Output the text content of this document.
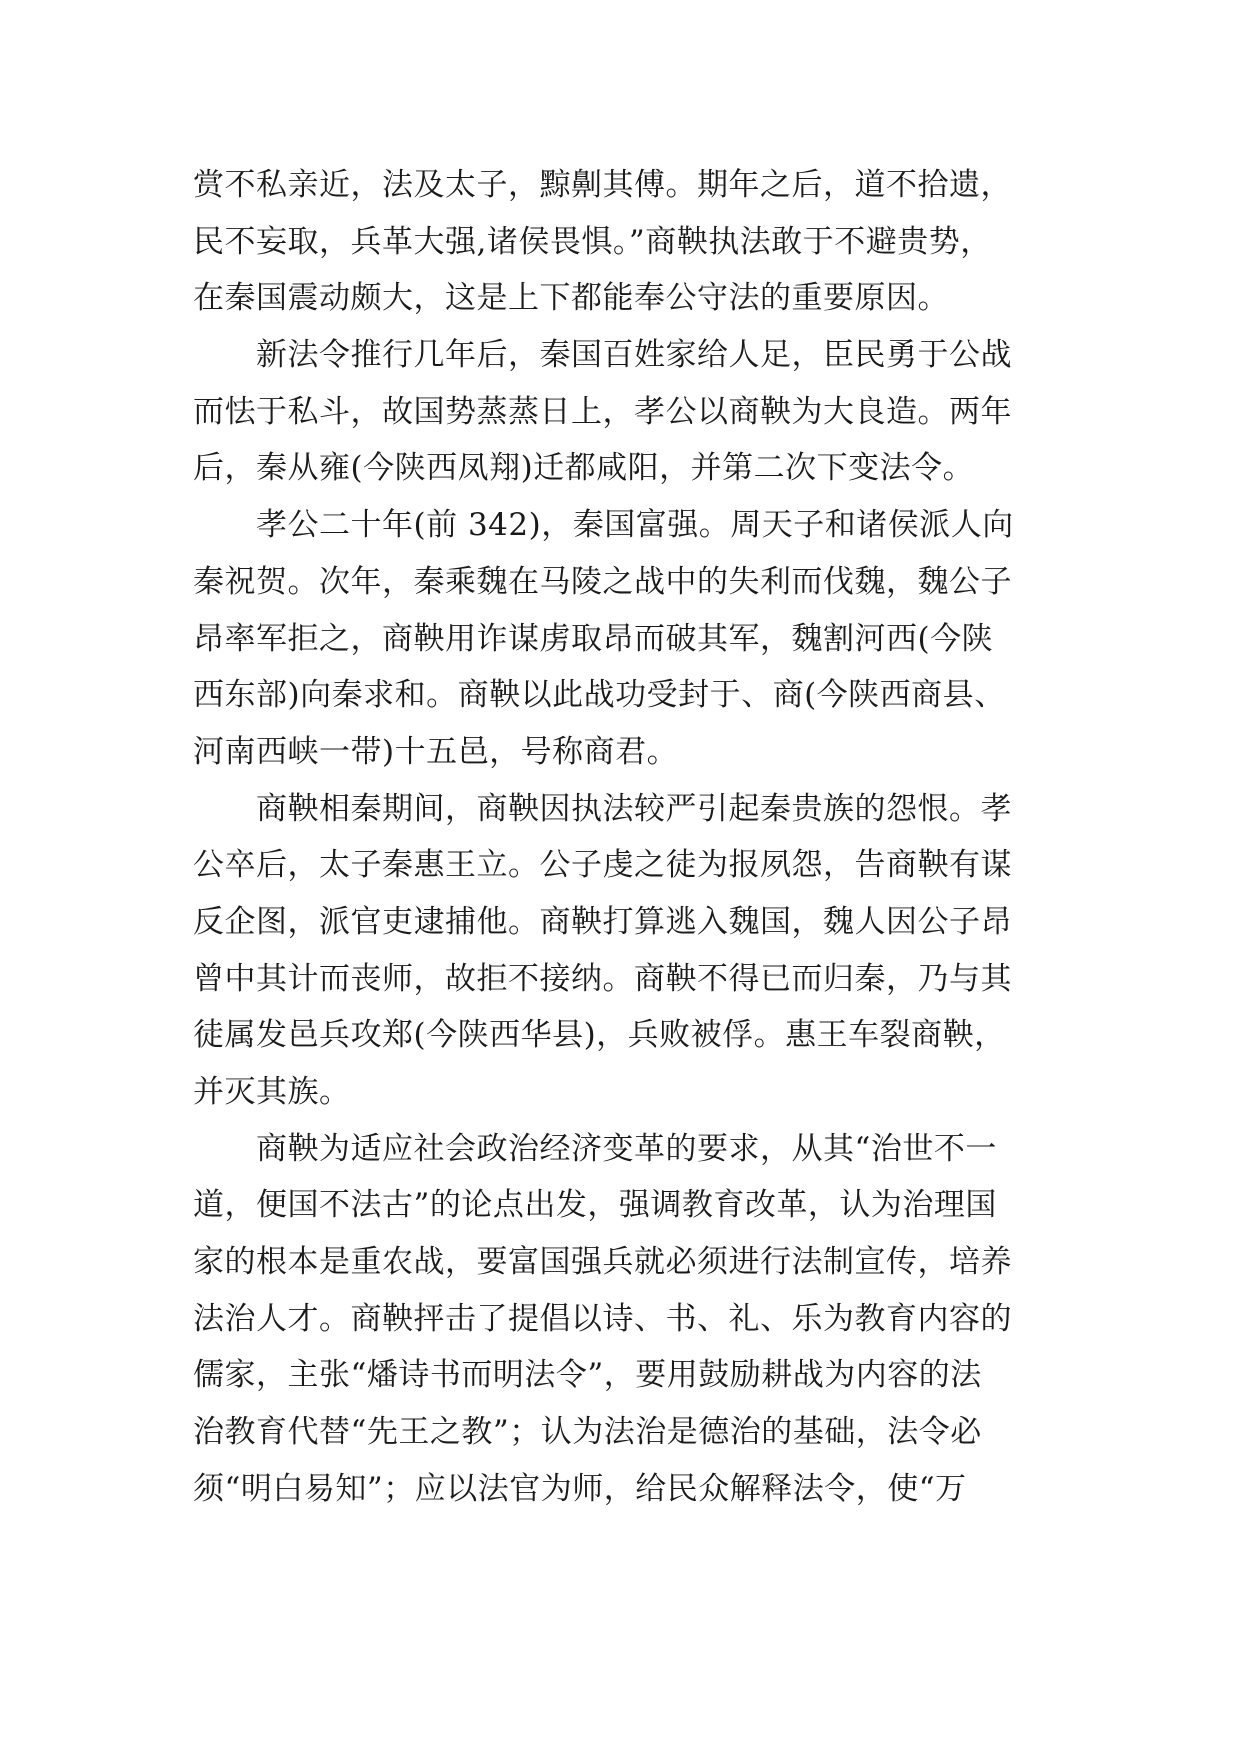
赏不私亲近，法及太子，黥劓其傅。期年之后，道不拾遗，
民不妄取，兵革大强,诸侯畏惧。”商鞅执法敢于不避贵势，
在秦国震动颇大，这是上下都能奉公守法的重要原因。
　　新法令推行几年后，秦国百姓家给人足，臣民勇于公战
而怯于私斗，故国势蒸蒸日上，孝公以商鞅为大良造。两年
后，秦从雍(今陕西凤翔)迁都咸阳，并第二次下变法令。
　　孝公二十年(前 342)，秦国富强。周天子和诸侯派人向
秦祝贺。次年，秦乘魏在马陵之战中的失利而伐魏，魏公子
昂率军拒之，商鞅用诈谋虏取昂而破其军，魏割河西(今陕
西东部)向秦求和。商鞅以此战功受封于、商(今陕西商县、
河南西峡一带)十五邑，号称商君。
　　商鞅相秦期间，商鞅因执法较严引起秦贵族的怨恨。孝
公卒后，太子秦惠王立。公子虔之徒为报夙怨，告商鞅有谋
反企图，派官吏逮捕他。商鞅打算逃入魏国，魏人因公子昂
曾中其计而丧师，故拒不接纳。商鞅不得已而归秦，乃与其
徒属发邑兵攻郑(今陕西华县)，兵败被俘。惠王车裂商鞅，
并灭其族。
　　商鞅为适应社会政治经济变革的要求，从其“治世不一
道，便国不法古”的论点出发，强调教育改革，认为治理国
家的根本是重农战，要富国强兵就必须进行法制宣传，培养
法治人才。商鞅抨击了提倡以诗、书、礼、乐为教育内容的
儒家，主张“燔诗书而明法令”，要用鼓励耕战为内容的法
治教育代替“先王之教”；认为法治是德治的基础，法令必
须“明白易知”；应以法官为师，给民众解释法令，使“万
